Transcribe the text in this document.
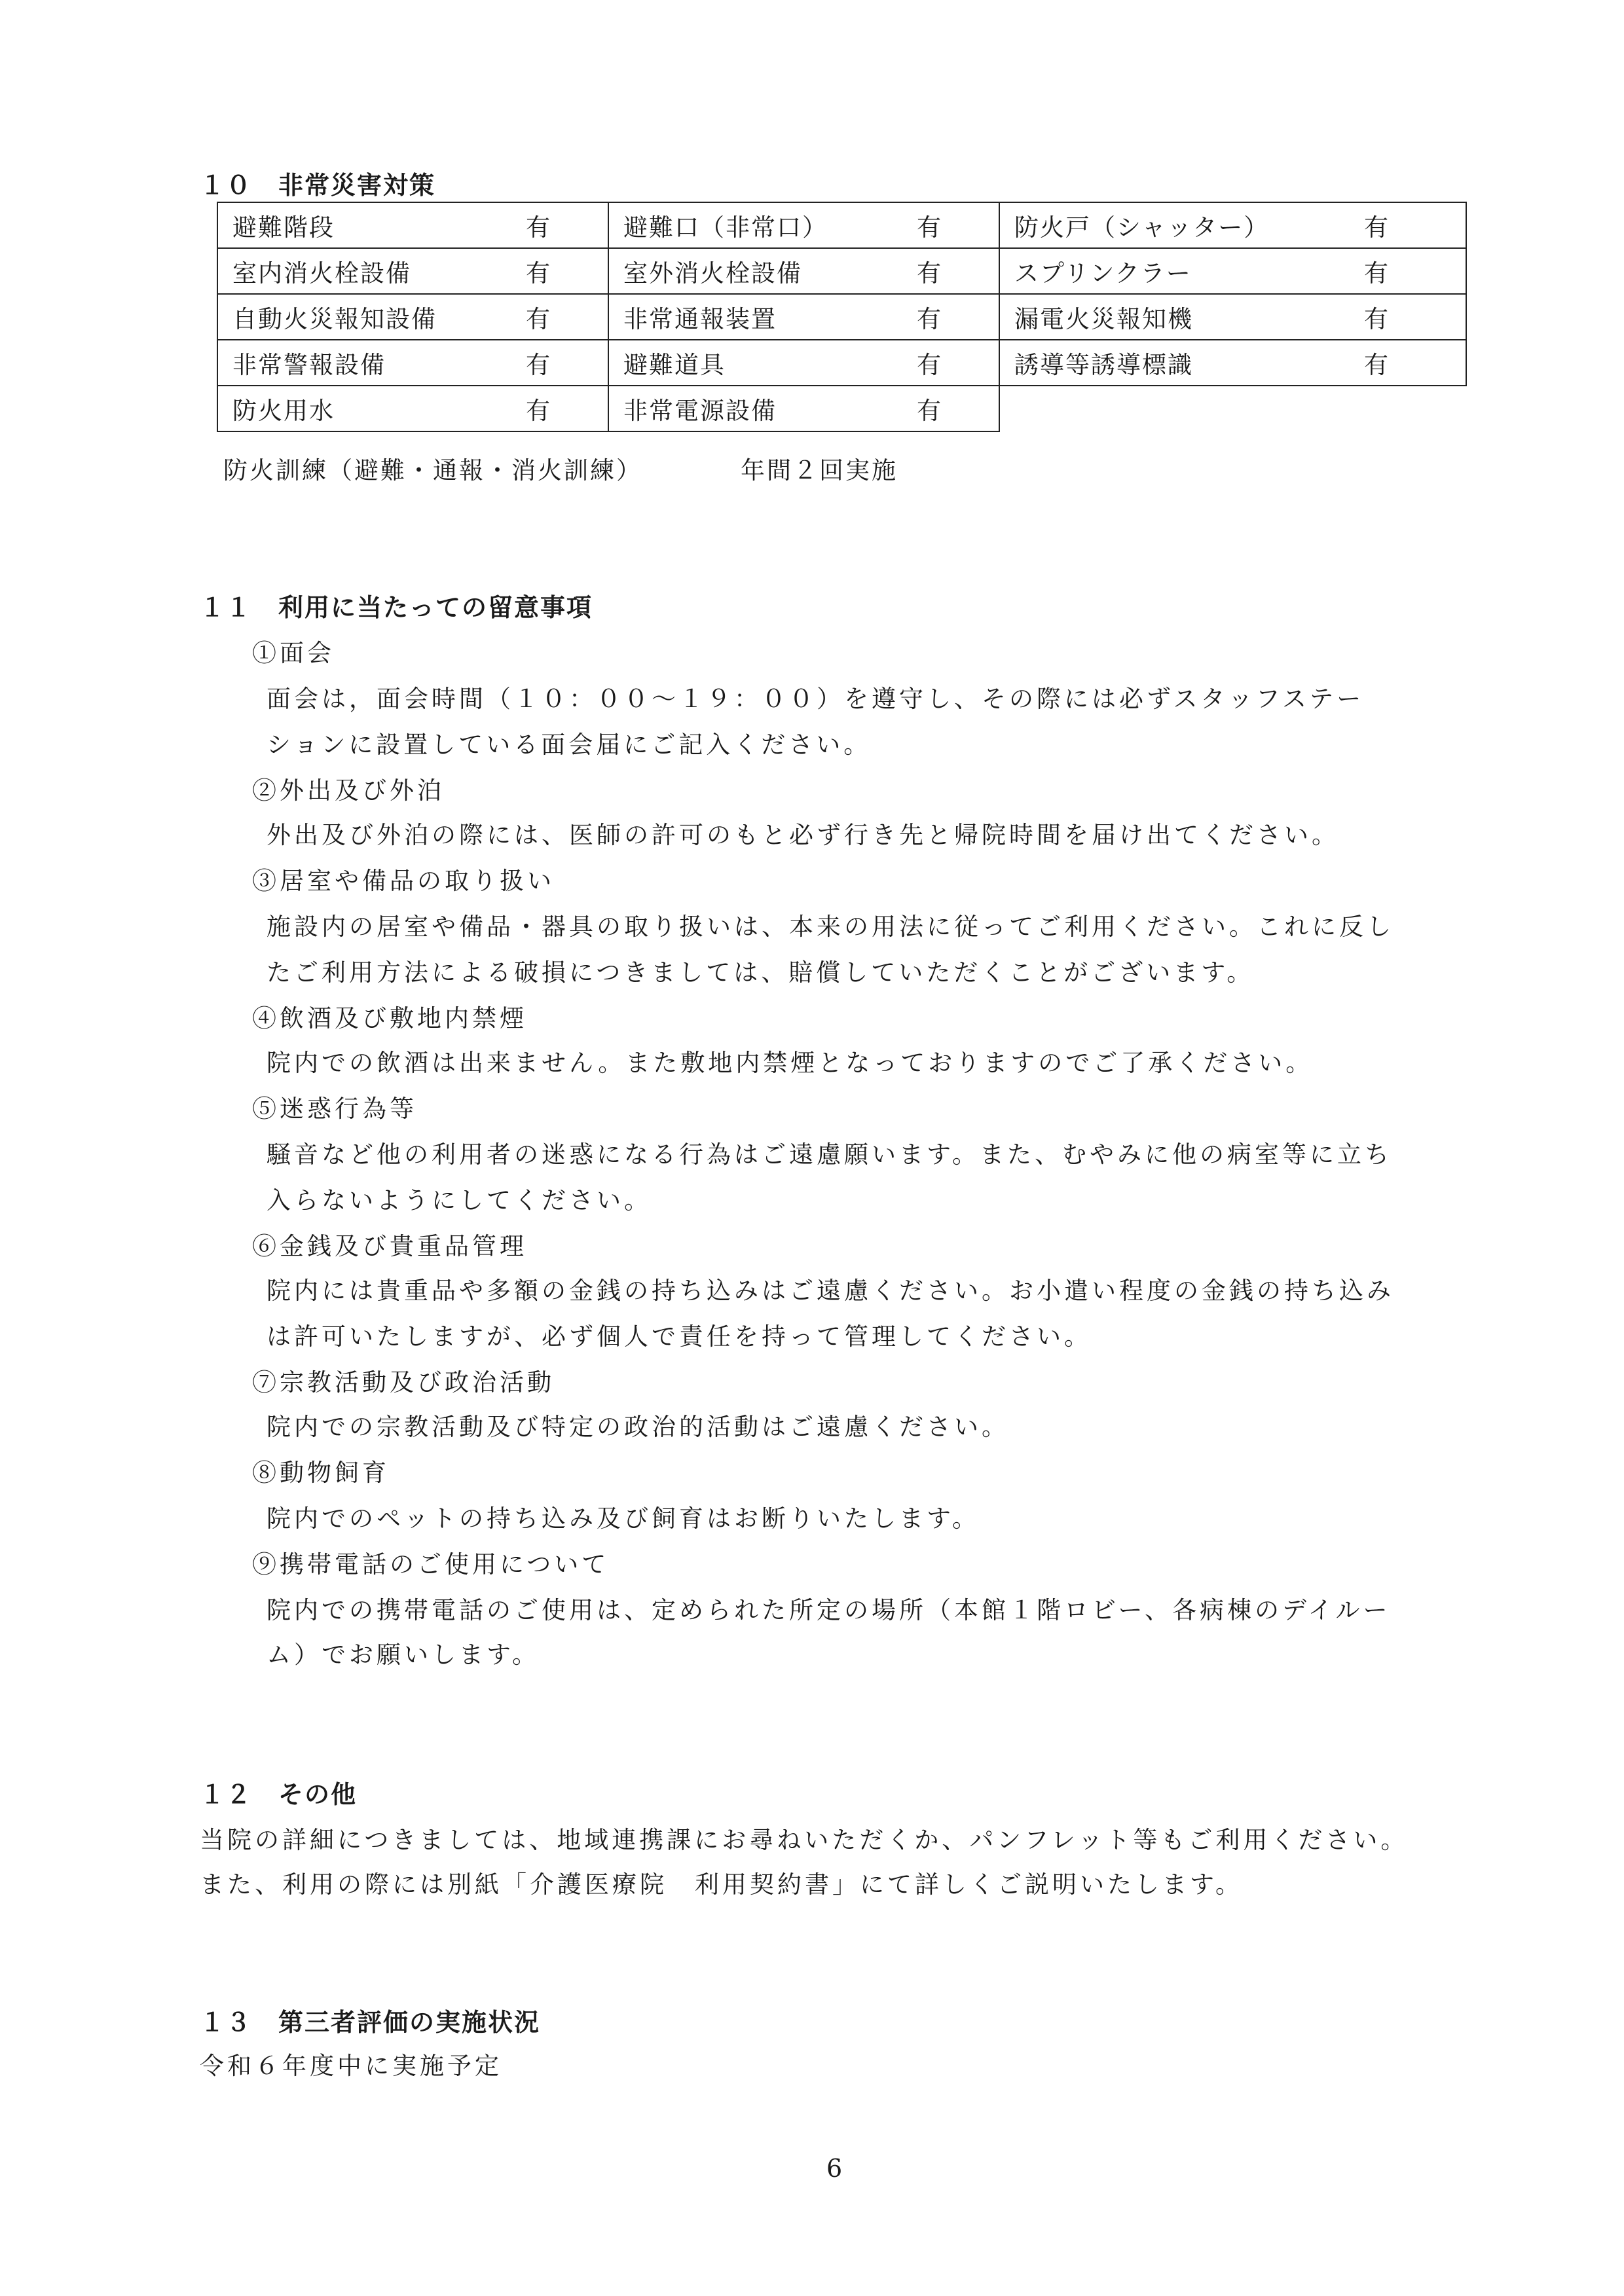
１０　非常災害対策
避難階段 有	避難口（非常口） 有	防火戸（シャッター） 有

室内消火栓設備 有	室外消火栓設備 有	スプリンクラー 有

自動火災報知設備 有	非常通報装置 有	漏電火災報知機 有

非常警報設備 有	避難道具 有	誘導等誘導標識 有

防火用水 有	非常電源設備 有	

防火訓練（避難・通報・消火訓練）	年間２回実施
１１　利用に当たっての留意事項
①面会
面会は，面会時間（１０：００～１９：００）を遵守し、その際には必ずスタッフステー
ションに設置している面会届にご記入ください。
②外出及び外泊
外出及び外泊の際には、医師の許可のもと必ず行き先と帰院時間を届け出てください。
③居室や備品の取り扱い
施設内の居室や備品・器具の取り扱いは、本来の用法に従ってご利用ください。これに反し
たご利用方法による破損につきましては、賠償していただくことがございます。
④飲酒及び敷地内禁煙
院内での飲酒は出来ません。また敷地内禁煙となっておりますのでご了承ください。
⑤迷惑行為等
騒音など他の利用者の迷惑になる行為はご遠慮願います。また、むやみに他の病室等に立ち
入らないようにしてください。
⑥金銭及び貴重品管理
院内には貴重品や多額の金銭の持ち込みはご遠慮ください。お小遣い程度の金銭の持ち込み
は許可いたしますが、必ず個人で責任を持って管理してください。
⑦宗教活動及び政治活動
院内での宗教活動及び特定の政治的活動はご遠慮ください。
⑧動物飼育
院内でのペットの持ち込み及び飼育はお断りいたします。
⑨携帯電話のご使用について
院内での携帯電話のご使用は、定められた所定の場所（本館１階ロビー、各病棟のデイルー
ム）でお願いします。
１２　その他
当院の詳細につきましては、地域連携課にお尋ねいただくか、パンフレット等もご利用ください。
また、利用の際には別紙「介護医療院　利用契約書」にて詳しくご説明いたします。
１３　第三者評価の実施状況
令和６年度中に実施予定
6
